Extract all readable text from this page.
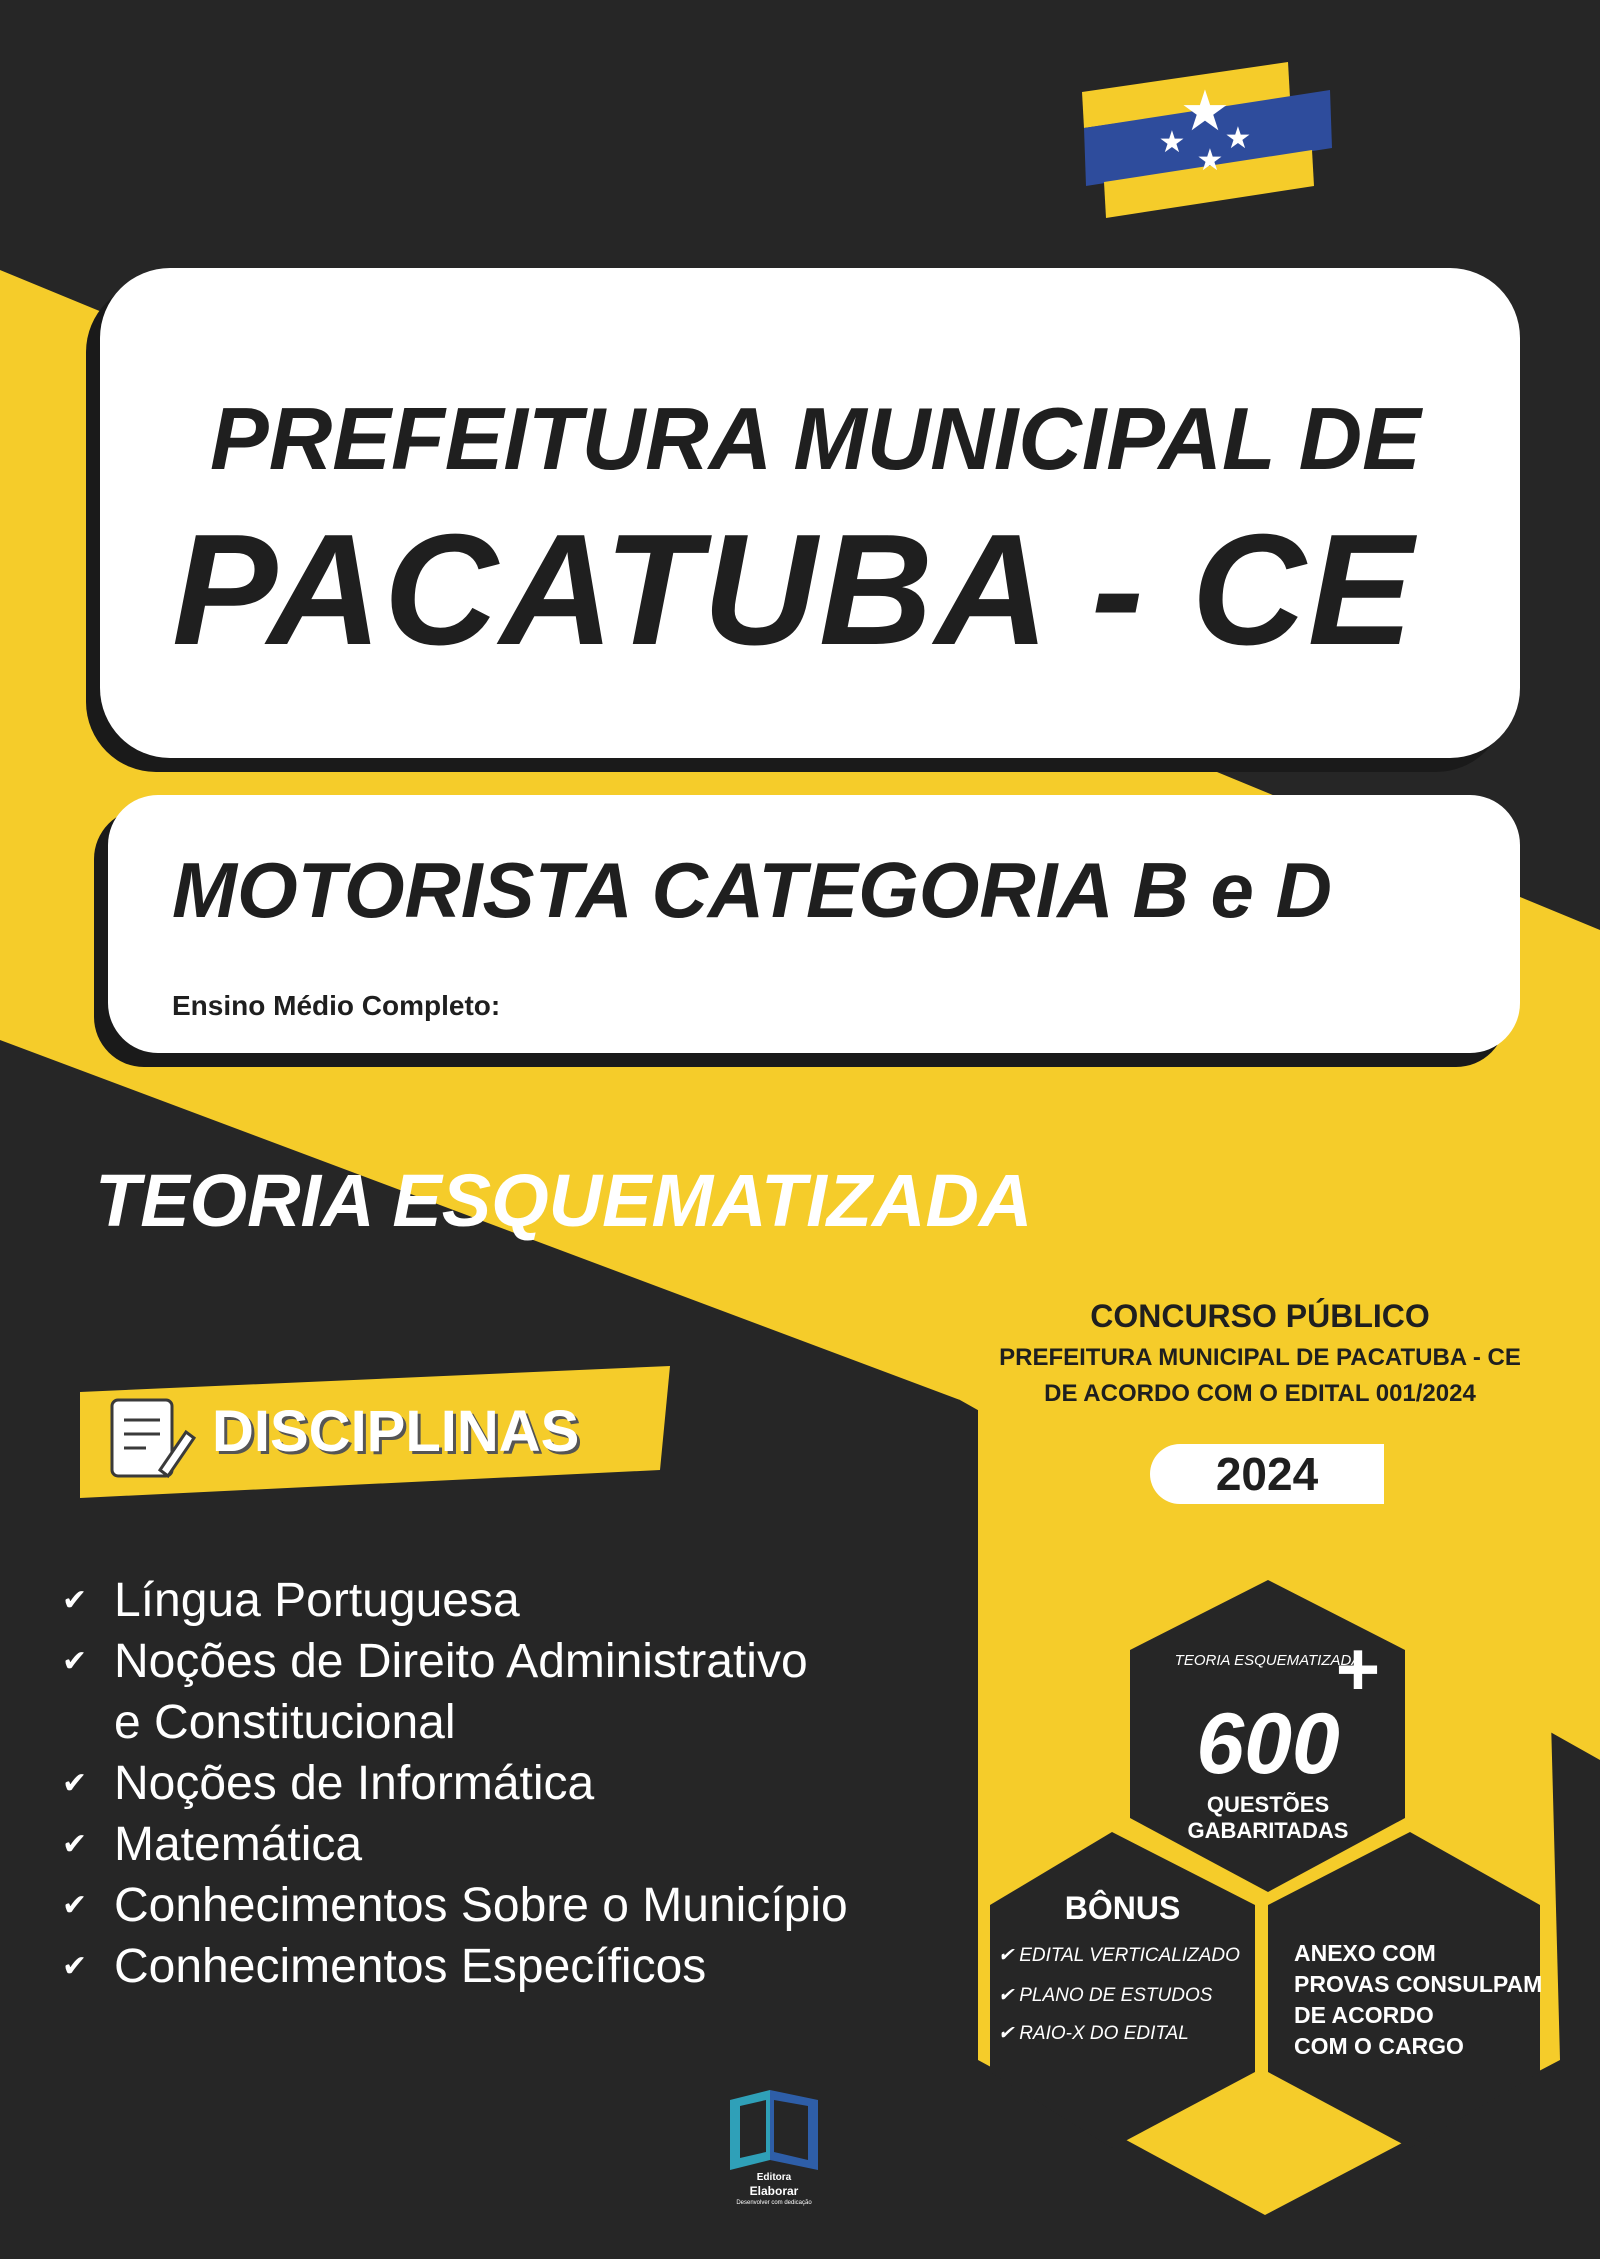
★
★ ★
★
PREFEITURA MUNICIPAL DE
PACATUBA - CE
MOTORISTA CATEGORIA B e D
Ensino Médio Completo:
TEORIA ESQUEMATIZADA
DISCIPLINAS
✔ Língua Portuguesa
✔ Noções de Direito Administrativo
e Constitucional
✔ Noções de Informática
✔ Matemática
✔ Conhecimentos Sobre o Município
✔ Conhecimentos Específicos
CONCURSO PÚBLICO
PREFEITURA MUNICIPAL DE PACATUBA - CE
DE ACORDO COM O EDITAL 001/2024
2024
TEORIA ESQUEMATIZADA
+
600
QUESTÕES
GABARITADAS
BÔNUS
✔ EDITAL VERTICALIZADO
✔ PLANO DE ESTUDOS
✔ RAIO-X DO EDITAL
ANEXO COM
PROVAS CONSULPAM
DE ACORDO
COM O CARGO
Editora
Elaborar
Desenvolver com dedicação
